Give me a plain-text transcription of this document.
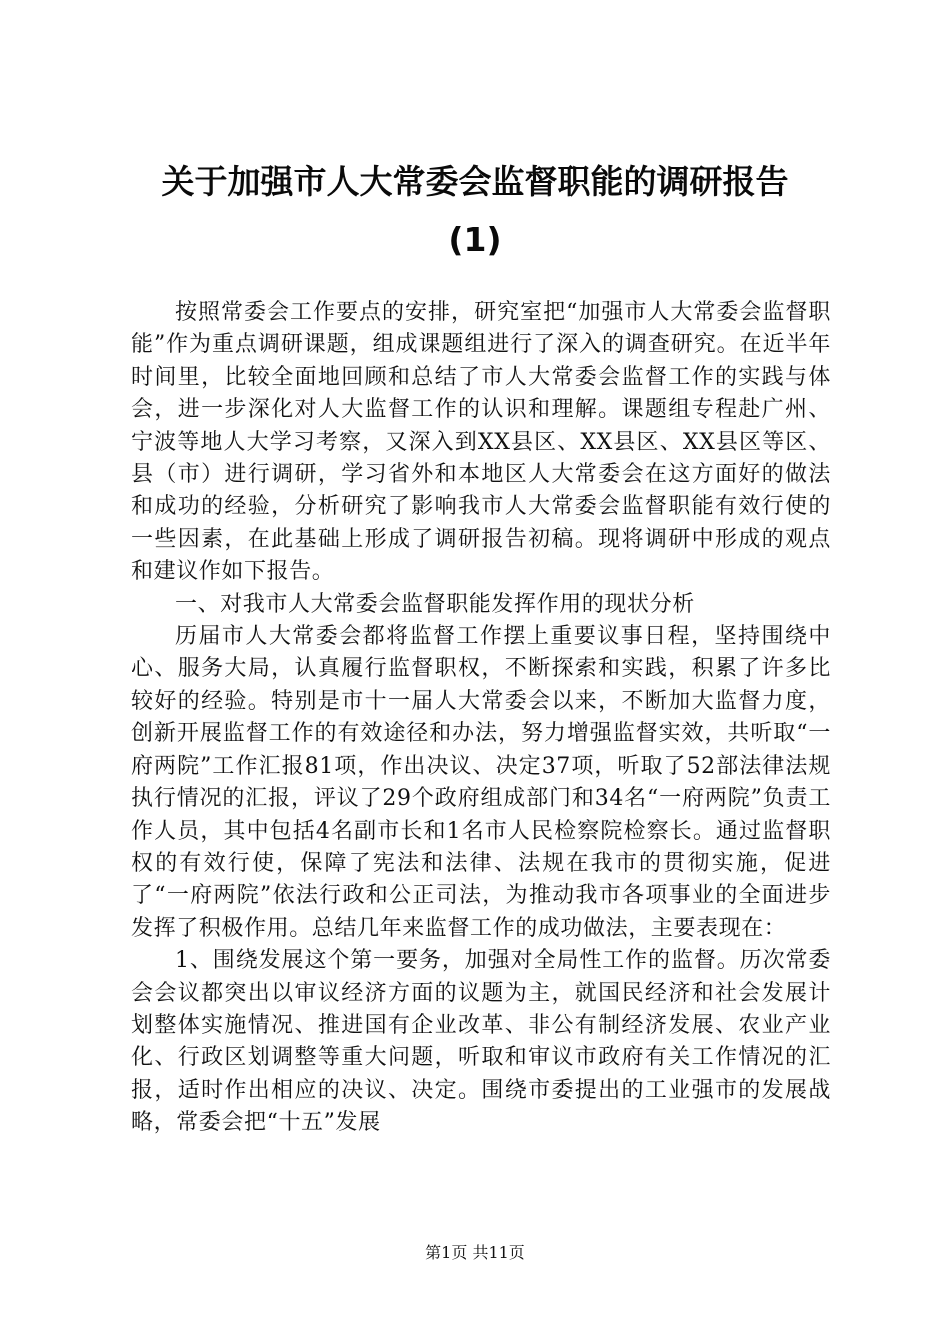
关于加强市人大常委会监督职能的调研报告
(1)

按照常委会工作要点的安排，研究室把“加强市人大常委会监督职能”作为重点调研课题，组成课题组进行了深入的调查研究。在近半年时间里，比较全面地回顾和总结了市人大常委会监督工作的实践与体会，进一步深化对人大监督工作的认识和理解。课题组专程赴广州、宁波等地人大学习考察，又深入到XX县区、XX县区、XX县区等区、县（市）进行调研，学习省外和本地区人大常委会在这方面好的做法和成功的经验，分析研究了影响我市人大常委会监督职能有效行使的一些因素，在此基础上形成了调研报告初稿。现将调研中形成的观点和建议作如下报告。

一、对我市人大常委会监督职能发挥作用的现状分析

历届市人大常委会都将监督工作摆上重要议事日程，坚持围绕中心、服务大局，认真履行监督职权，不断探索和实践，积累了许多比较好的经验。特别是市十一届人大常委会以来，不断加大监督力度，创新开展监督工作的有效途径和办法，努力增强监督实效，共听取“一府两院”工作汇报81项，作出决议、决定37项，听取了52部法律法规执行情况的汇报，评议了29个政府组成部门和34名“一府两院”负责工作人员，其中包括4名副市长和1名市人民检察院检察长。通过监督职权的有效行使，保障了宪法和法律、法规在我市的贯彻实施，促进了“一府两院”依法行政和公正司法，为推动我市各项事业的全面进步发挥了积极作用。总结几年来监督工作的成功做法，主要表现在：

1、围绕发展这个第一要务，加强对全局性工作的监督。历次常委会会议都突出以审议经济方面的议题为主，就国民经济和社会发展计划整体实施情况、推进国有企业改革、非公有制经济发展、农业产业化、行政区划调整等重大问题，听取和审议市政府有关工作情况的汇报，适时作出相应的决议、决定。围绕市委提出的工业强市的发展战略，常委会把“十五”发展

第1页 共11页
